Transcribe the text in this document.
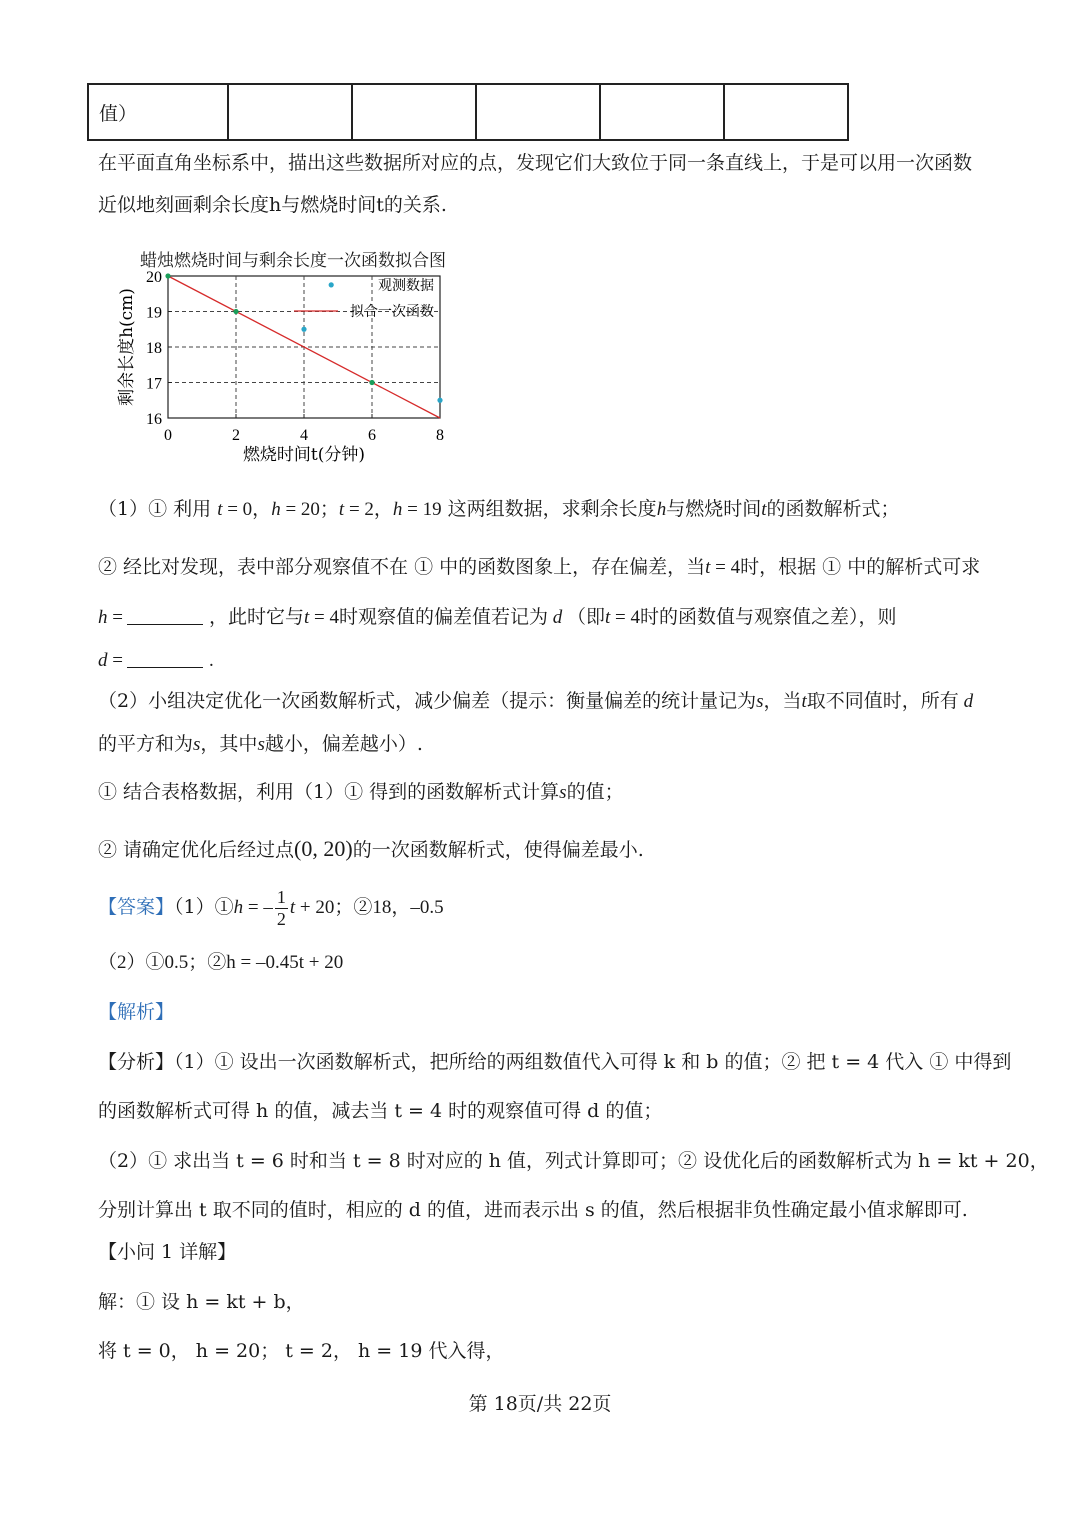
值）					
在平面直角坐标系中，描出这些数据所对应的点，发现它们大致位于同一条直线上，于是可以用一次函数
近似地刻画剩余长度h与燃烧时间t的关系.
0	2	4	6	8
16
17
18
19
20	观测数据
拟合一次函数
燃烧时间t(分钟)
剩余长度h(cm)
蜡烛燃烧时间与剩余长度一次函数拟合图
（1）① 利用 t = 0，h = 20；t = 2，h = 19 这两组数据，求剩余长度h与燃烧时间t的函数解析式；
② 经比对发现，表中部分观察值不在 ① 中的函数图象上，存在偏差，当t = 4时，根据 ① 中的解析式可求
h =	，此时它与t = 4时观察值的偏差值若记为 d （即t = 4时的函数值与观察值之差），则
d =	.
（2）小组决定优化一次函数解析式，减少偏差（提示：衡量偏差的统计量记为s，当t取不同值时，所有 d
的平方和为s，其中s越小，偏差越小）.
① 结合表格数据，利用（1）① 得到的函数解析式计算s的值；
② 请确定优化后经过点(0, 20)的一次函数解析式，使得偏差最小.
【答案】（1）①h = – $\frac{1}{2}$ t + 20；②18，–0.5
（2）①0.5；②h = –0.45t + 20
【解析】
【分析】（1）① 设出一次函数解析式，把所给的两组数值代入可得 k 和 b 的值；② 把 t = 4 代入 ① 中得到
的函数解析式可得 h 的值，减去当 t = 4 时的观察值可得 d 的值；
（2）① 求出当 t = 6 时和当 t = 8 时对应的 h 值，列式计算即可；② 设优化后的函数解析式为 h = kt + 20，
分别计算出 t 取不同的值时，相应的 d 的值，进而表示出 s 的值，然后根据非负性确定最小值求解即可.
【小问 1 详解】
解：① 设 h = kt + b，
将 t = 0， h = 20； t = 2， h = 19 代入得，
第 18页/共 22页
